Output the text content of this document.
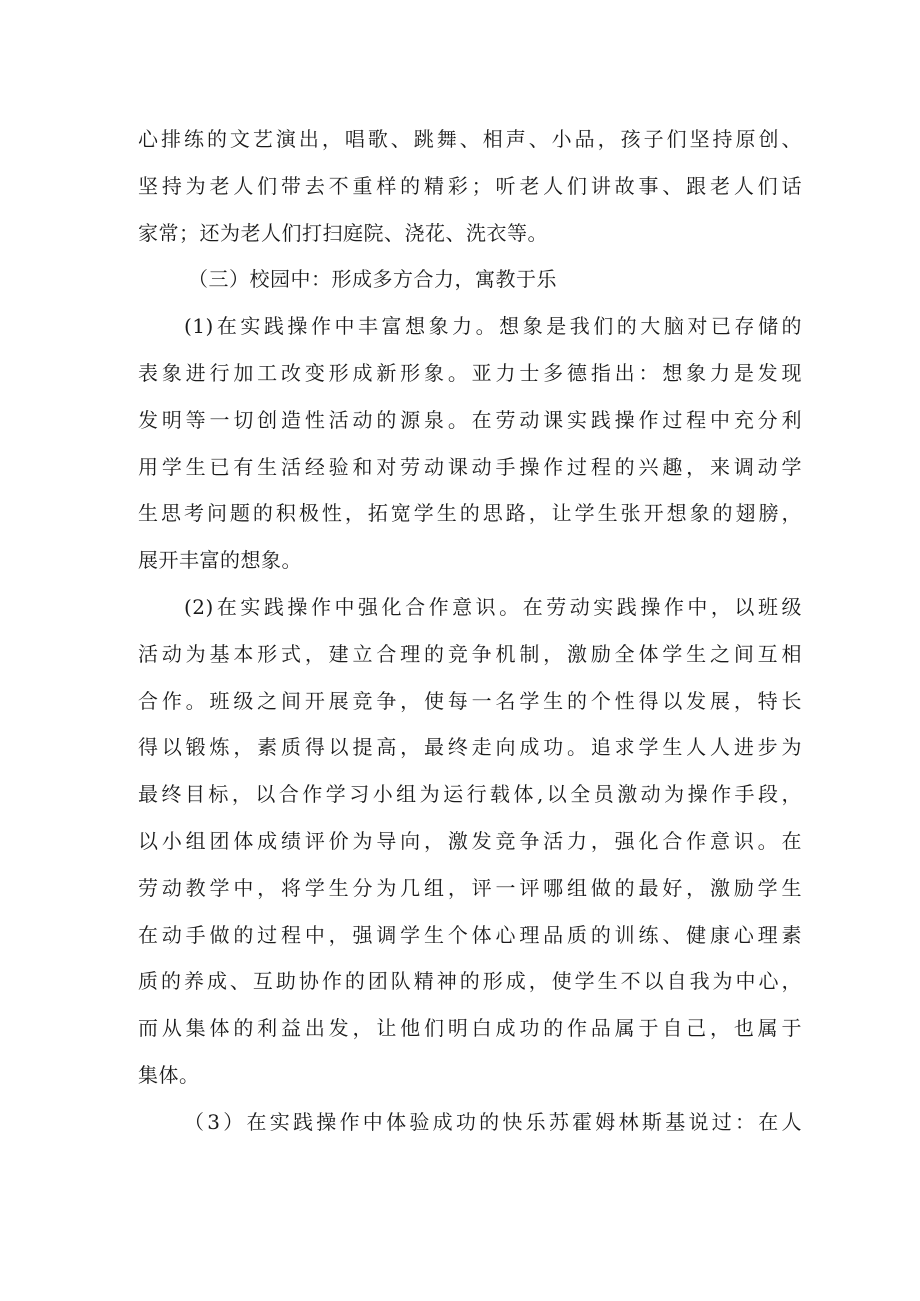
心排练的文艺演出，唱歌、跳舞、相声、小品，孩子们坚持原创、
坚持为老人们带去不重样的精彩；听老人们讲故事、跟老人们话
家常；还为老人们打扫庭院、浇花、洗衣等。
（三）校园中：形成多方合力，寓教于乐
(1)在实践操作中丰富想象力。想象是我们的大脑对已存储的
表象进行加工改变形成新形象。亚力士多德指出：想象力是发现
发明等一切创造性活动的源泉。在劳动课实践操作过程中充分利
用学生已有生活经验和对劳动课动手操作过程的兴趣，来调动学
生思考问题的积极性，拓宽学生的思路，让学生张开想象的翅膀，
展开丰富的想象。
(2)在实践操作中强化合作意识。在劳动实践操作中，以班级
活动为基本形式，建立合理的竞争机制，激励全体学生之间互相
合作。班级之间开展竞争，使每一名学生的个性得以发展，特长
得以锻炼，素质得以提高，最终走向成功。追求学生人人进步为
最终目标，以合作学习小组为运行载体,以全员激动为操作手段，
以小组团体成绩评价为导向，激发竞争活力，强化合作意识。在
劳动教学中，将学生分为几组，评一评哪组做的最好，激励学生
在动手做的过程中，强调学生个体心理品质的训练、健康心理素
质的养成、互助协作的团队精神的形成，使学生不以自我为中心，
而从集体的利益出发，让他们明白成功的作品属于自己，也属于
集体。
（3）在实践操作中体验成功的快乐苏霍姆林斯基说过：在人
